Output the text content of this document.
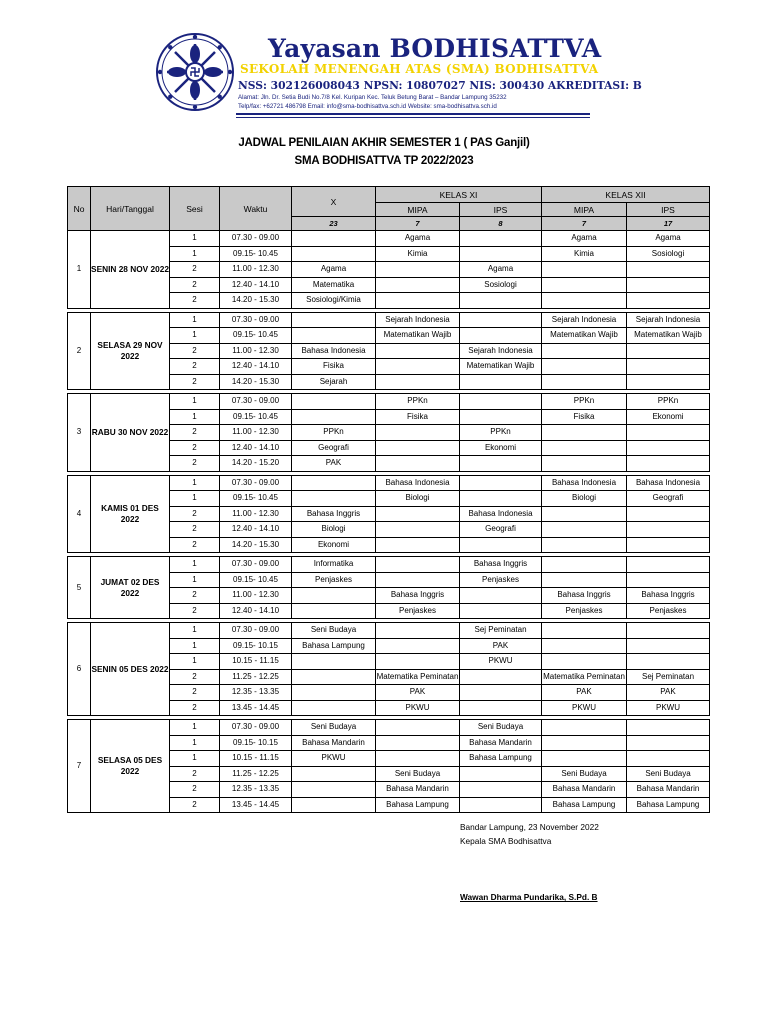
Yayasan BODHISATTVA
SEKOLAH MENENGAH ATAS (SMA) BODHISATTVA
NSS: 302126008043 NPSN: 10807027 NIS: 300430 AKREDITASI: B
Alamat: Jln. Dr. Setia Budi No.7/8 Kel. Kuripan Kec. Teluk Betung Barat – Bandar Lampung 35232
Telp/fax: +62721 486798 Email: info@sma-bodhisattva.sch.id Website: sma-bodhisattva.sch.id
JADWAL PENILAIAN AKHIR SEMESTER 1 ( PAS Ganjil)
SMA BODHISATTVA TP 2022/2023
No	Hari/Tanggal	Sesi	Waktu	X	KELAS XI		KELAS XII	
					MIPA	IPS	MIPA	IPS
				23	7	8	7	17
1	SENIN 28 NOV 2022	1	07.30 - 09.00		Agama		Agama	Agama
		1	09.15- 10.45		Kimia		Kimia	Sosiologi
		2	11.00 - 12.30	Agama		Agama		
		2	12.40 - 14.10	Matematika		Sosiologi		
		2	14.20 - 15.30	Sosiologi/Kimia				

2	SELASA 29 NOV 2022	1	07.30 - 09.00		Sejarah Indonesia		Sejarah Indonesia	Sejarah Indonesia
		1	09.15- 10.45		Matematikan Wajib		Matematikan Wajib	Matematikan Wajib
		2	11.00 - 12.30	Bahasa Indonesia		Sejarah Indonesia		
		2	12.40 - 14.10	Fisika		Matematikan Wajib		
		2	14.20 - 15.30	Sejarah				

3	RABU 30 NOV 2022	1	07.30 - 09.00		PPKn		PPKn	PPKn
		1	09.15- 10.45		Fisika		Fisika	Ekonomi
		2	11.00 - 12.30	PPKn		PPKn		
		2	12.40 - 14.10	Geografi		Ekonomi		
		2	14.20 - 15.20	PAK				

4	KAMIS 01 DES 2022	1	07.30 - 09.00		Bahasa Indonesia		Bahasa Indonesia	Bahasa Indonesia
		1	09.15- 10.45		Biologi		Biologi	Geografi
		2	11.00 - 12.30	Bahasa Inggris		Bahasa Indonesia		
		2	12.40 - 14.10	Biologi		Geografi		
		2	14.20 - 15.30	Ekonomi				

5	JUMAT 02 DES 2022	1	07.30 - 09.00	Informatika		Bahasa Inggris		
		1	09.15- 10.45	Penjaskes		Penjaskes		
		2	11.00 - 12.30		Bahasa Inggris		Bahasa Inggris	Bahasa Inggris
		2	12.40 - 14.10		Penjaskes		Penjaskes	Penjaskes

6	SENIN 05 DES 2022	1	07.30 - 09.00	Seni Budaya		Sej Peminatan		
		1	09.15- 10.15	Bahasa Lampung		PAK		
		1	10.15 - 11.15			PKWU		
		2	11.25 - 12.25		Matematika Peminatan		Matematika Peminatan	Sej Peminatan
		2	12.35 - 13.35		PAK		PAK	PAK
		2	13.45 - 14.45		PKWU		PKWU	PKWU

7	SELASA 05 DES 2022	1	07.30 - 09.00	Seni Budaya		Seni Budaya		
		1	09.15- 10.15	Bahasa Mandarin		Bahasa Mandarin		
		1	10.15 - 11.15	PKWU		Bahasa Lampung		
		2	11.25 - 12.25		Seni Budaya		Seni Budaya	Seni Budaya
		2	12.35 - 13.35		Bahasa Mandarin		Bahasa Mandarin	Bahasa Mandarin
		2	13.45 - 14.45		Bahasa Lampung		Bahasa Lampung	Bahasa Lampung
Bandar Lampung, 23 November 2022
Kepala SMA Bodhisattva
Wawan Dharma Pundarika, S.Pd. B
